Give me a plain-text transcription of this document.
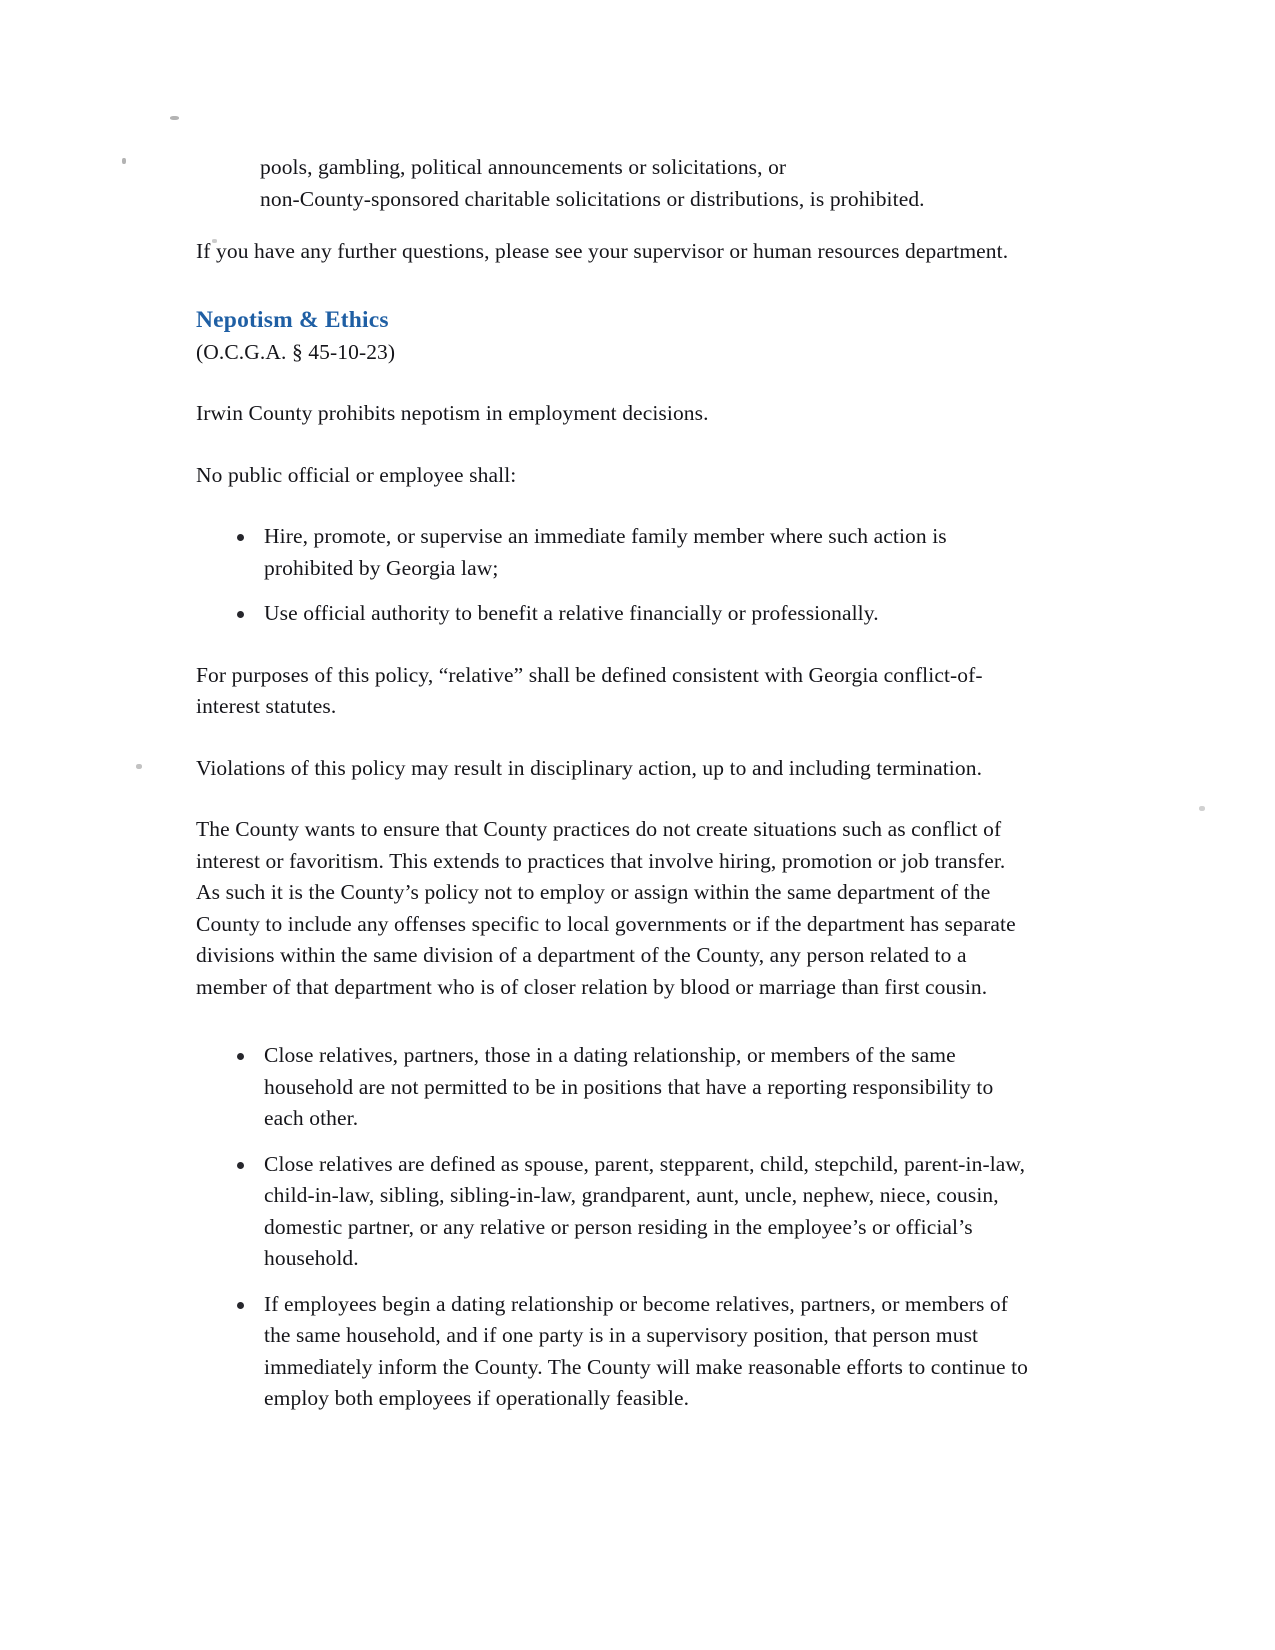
pools, gambling, political announcements or solicitations, or

non-County-sponsored charitable solicitations or distributions, is prohibited.

If you have any further questions, please see your supervisor or human resources department.

Nepotism & Ethics

(O.C.G.A. § 45-10-23)

Irwin County prohibits nepotism in employment decisions.

No public official or employee shall:

Hire, promote, or supervise an immediate family member where such action is prohibited by Georgia law;
Use official authority to benefit a relative financially or professionally.

For purposes of this policy, “relative” shall be defined consistent with Georgia conflict-of-interest statutes.

Violations of this policy may result in disciplinary action, up to and including termination.

The County wants to ensure that County practices do not create situations such as conflict of interest or favoritism. This extends to practices that involve hiring, promotion or job transfer. As such it is the County’s policy not to employ or assign within the same department of the County to include any offenses specific to local governments or if the department has separate divisions within the same division of a department of the County, any person related to a member of that department who is of closer relation by blood or marriage than first cousin.

Close relatives, partners, those in a dating relationship, or members of the same household are not permitted to be in positions that have a reporting responsibility to each other.
Close relatives are defined as spouse, parent, stepparent, child, stepchild, parent-in-law, child-in-law, sibling, sibling-in-law, grandparent, aunt, uncle, nephew, niece, cousin, domestic partner, or any relative or person residing in the employee’s or official’s household.
If employees begin a dating relationship or become relatives, partners, or members of the same household, and if one party is in a supervisory position, that person must immediately inform the County. The County will make reasonable efforts to continue to employ both employees if operationally feasible.
